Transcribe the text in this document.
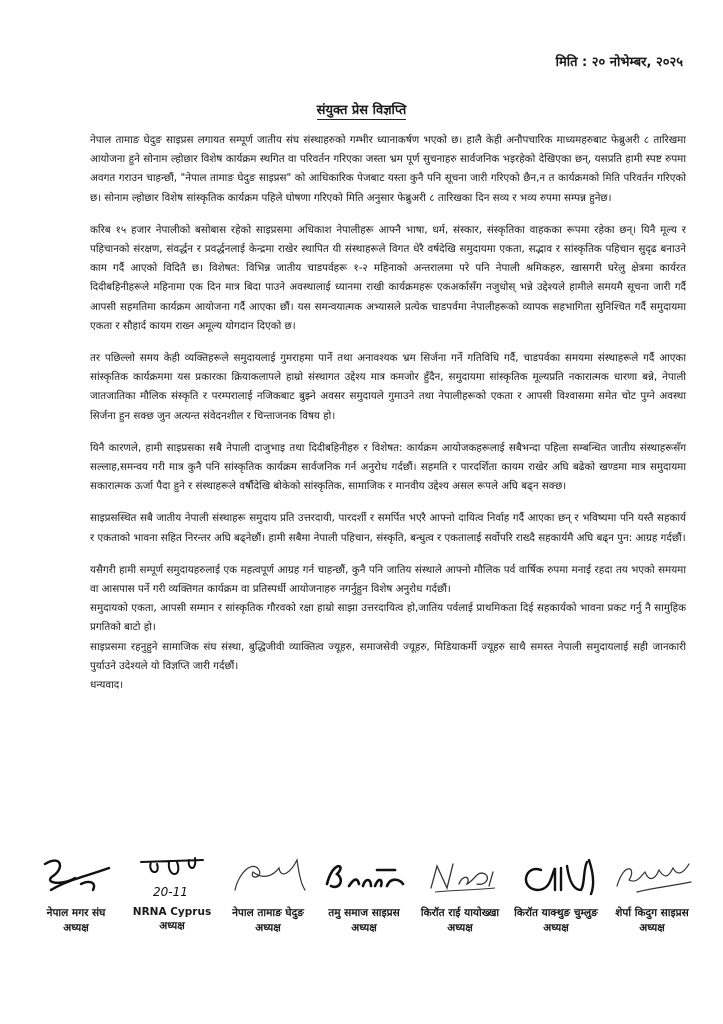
मिति : २० नोभेम्बर, २०२५
संयुक्त प्रेस विज्ञप्ति

नेपाल तामाङ घेदुङ साइप्रस लगायत सम्पूर्ण जातीय संघ संस्थाहरुको गम्भीर ध्यानाकर्षण भएको छ। हालै केही अनौपचारिक माध्यमहरुबाट फेब्रुअरी ८ तारिखमा आयोजना हुने सोनाम ल्होछार विशेष कार्यक्रम स्थगित वा परिवर्तन गरिएका जस्ता भ्रम पूर्ण सुचनाहरु सार्वजनिक भइरहेको देखिएका छन्, यसप्रति हामी स्पष्ट रुपमा अवगत गराउन चाहन्छौं, "नेपाल तामाङ घेदुङ साइप्रस" को आधिकारिक पेजबाट यस्ता कुनै पनि सूचना जारी गरिएको छैन,न त कार्यक्रमको मिति परिवर्तन गरिएको छ। सोनाम ल्होछार विशेष सांस्कृतिक कार्यक्रम पहिले घोषणा गरिएको मिति अनुसार फेब्रुअरी ८ तारिखका दिन सव्य र भव्य रुपमा सम्पन्न हुनेछ।

करिब १५ हजार नेपालीको बसोबास रहेको साइप्रसमा अधिकाश नेपालीहरू आफ्नै भाषा, धर्म, संस्कार, संस्कृतिका वाहकका रूपमा रहेका छन्। यिनै मूल्य र पहिचानको संरक्षण, संवर्द्धन र प्रवर्द्धनलाई केन्द्रमा राखेर स्थापित यी संस्थाहरूले विगत धेरै वर्षदेखि समुदायमा एकता, सद्भाव र सांस्कृतिक पहिचान सुदृढ बनाउने काम गर्दै आएको विदितै छ। विशेषत: विभिन्न जातीय चाडपर्वहरू १-२ महिनाको अन्तरालमा परे पनि नेपाली श्रमिकहरु, खासगरी घरेलु क्षेत्रमा कार्यरत दिदीबहिनीहरूले महिनामा एक दिन मात्र बिदा पाउने अवस्थालाई ध्यानमा राखी कार्यक्रमहरू एकअर्कासँग नजुधोस् भन्ने उद्देश्यले हामीले समयमै सूचना जारी गर्दै आपसी सहमतिमा कार्यक्रम आयोजना गर्दै आएका छौं। यस समन्वयात्मक अभ्यासले प्रत्येक चाडपर्वमा नेपालीहरूको व्यापक सहभागिता सुनिश्चित गर्दै समुदायमा एकता र सौहार्द कायम राख्न अमूल्य योगदान दिएको छ।

तर पछिल्लो समय केही व्यक्तिहरूले समुदायलाई गुमराहमा पार्ने तथा अनावश्यक भ्रम सिर्जना गर्ने गतिविधि गर्दै, चाडपर्वका समयमा संस्थाहरूले गर्दै आएका सांस्कृतिक कार्यक्रममा यस प्रकारका क्रियाकलापले हाम्रो संस्थागत उद्देश्य मात्र कमजोर हुँदैन, समुदायमा सांस्कृतिक मूल्यप्रति नकारात्मक धारणा बन्ने, नेपाली जातजातिका मौलिक संस्कृति र परम्परालाई नजिकबाट बुझ्ने अवसर समुदायले गुमाउने तथा नेपालीहरूको एकता र आपसी विश्वासमा समेत चोट पुग्ने अवस्था सिर्जना हुन सक्छ जुन अत्यन्त संवेदनशील र चिन्ताजनक विषय हो।

यिनै कारणले, हामी साइप्रसका सबै नेपाली दाजुभाइ तथा दिदीबहिनीहरु र विशेषत: कार्यक्रम आयोजकहरूलाई सबैभन्दा पहिला सम्बन्धित जातीय संस्थाहरूसँग सल्लाह,समन्वय गरी मात्र कुनै पनि सांस्कृतिक कार्यक्रम सार्वजनिक गर्न अनुरोध गर्दछौं। सहमति र पारदर्शिता कायम राखेर अघि बढेको खण्डमा मात्र समुदायमा सकारात्मक ऊर्जा पैदा हुने र संस्थाहरूले वर्षौदेखि बोकेको सांस्कृतिक, सामाजिक र मानवीय उद्देश्य असल रूपले अघि बढ्न सक्छ।

साइप्रसस्थित सबै जातीय नेपाली संस्थाहरू समुदाय प्रति उत्तरदायी, पारदर्शी र समर्पित भएरै आफ्नो दायित्व निर्वाह गर्दै आएका छन् र भविष्यमा पनि यस्तै सहकार्य र एकताको भावना सहित निरन्तर अघि बढ्नेछौं। हामी सबैमा नेपाली पहिचान, संस्कृति, बन्धुत्व र एकतालाई सर्वोपरि राख्दै सहकार्यमै अघि बढ्न पुन: आग्रह गर्दछौं।

यसैगरी हामी सम्पूर्ण समुदायहरुलाई एक महत्वपूर्ण आग्रह गर्न चाहन्छौं, कुनै पनि जातिय संस्थाले आफ्नो मौलिक पर्व वार्षिक रुपमा मनाई रहदा तय भएको समयमा वा आसपास पर्ने गरी व्यक्तिगत कार्यक्रम वा प्रतिस्पर्धी आयोजनाहरु नगर्नुहुन विशेष अनुरोध गर्दछौं।

समुदायको एकता, आपसी सम्मान र सांस्कृतिक गौरवको रक्षा हाम्रो साझा उत्तरदायित्व हो,जातिय पर्वलाई प्राथमिकता दिई सहकार्यको भावना प्रकट गर्नु नै सामुहिक प्रगतिको बाटो हो।

साइप्रसमा रहनुहुने सामाजिक संघ संस्था, बुद्धिजीवी व्याक्तित्व ज्यूहरु, समाजसेवी ज्यूहरु, मिडियाकर्मी ज्यूहरु साथै समस्त नेपाली समुदायलाई सही जानकारी पुर्याउने उदेश्यले यो विज्ञप्ति जारी गर्दछौं।

धन्यवाद।

नेपाल मगर संघ
अध्यक्ष
20-11
NRNA Cyprus
अध्यक्ष
नेपाल तामाङ घेदुङ
अध्यक्ष
तमु समाज साइप्रस
अध्यक्ष
किरॉत राई यायोख्खा
अध्यक्ष
किरॉत याक्थुङ चुम्लुङ
अध्यक्ष
शेर्पा किदुग साइप्रस
अध्यक्ष
